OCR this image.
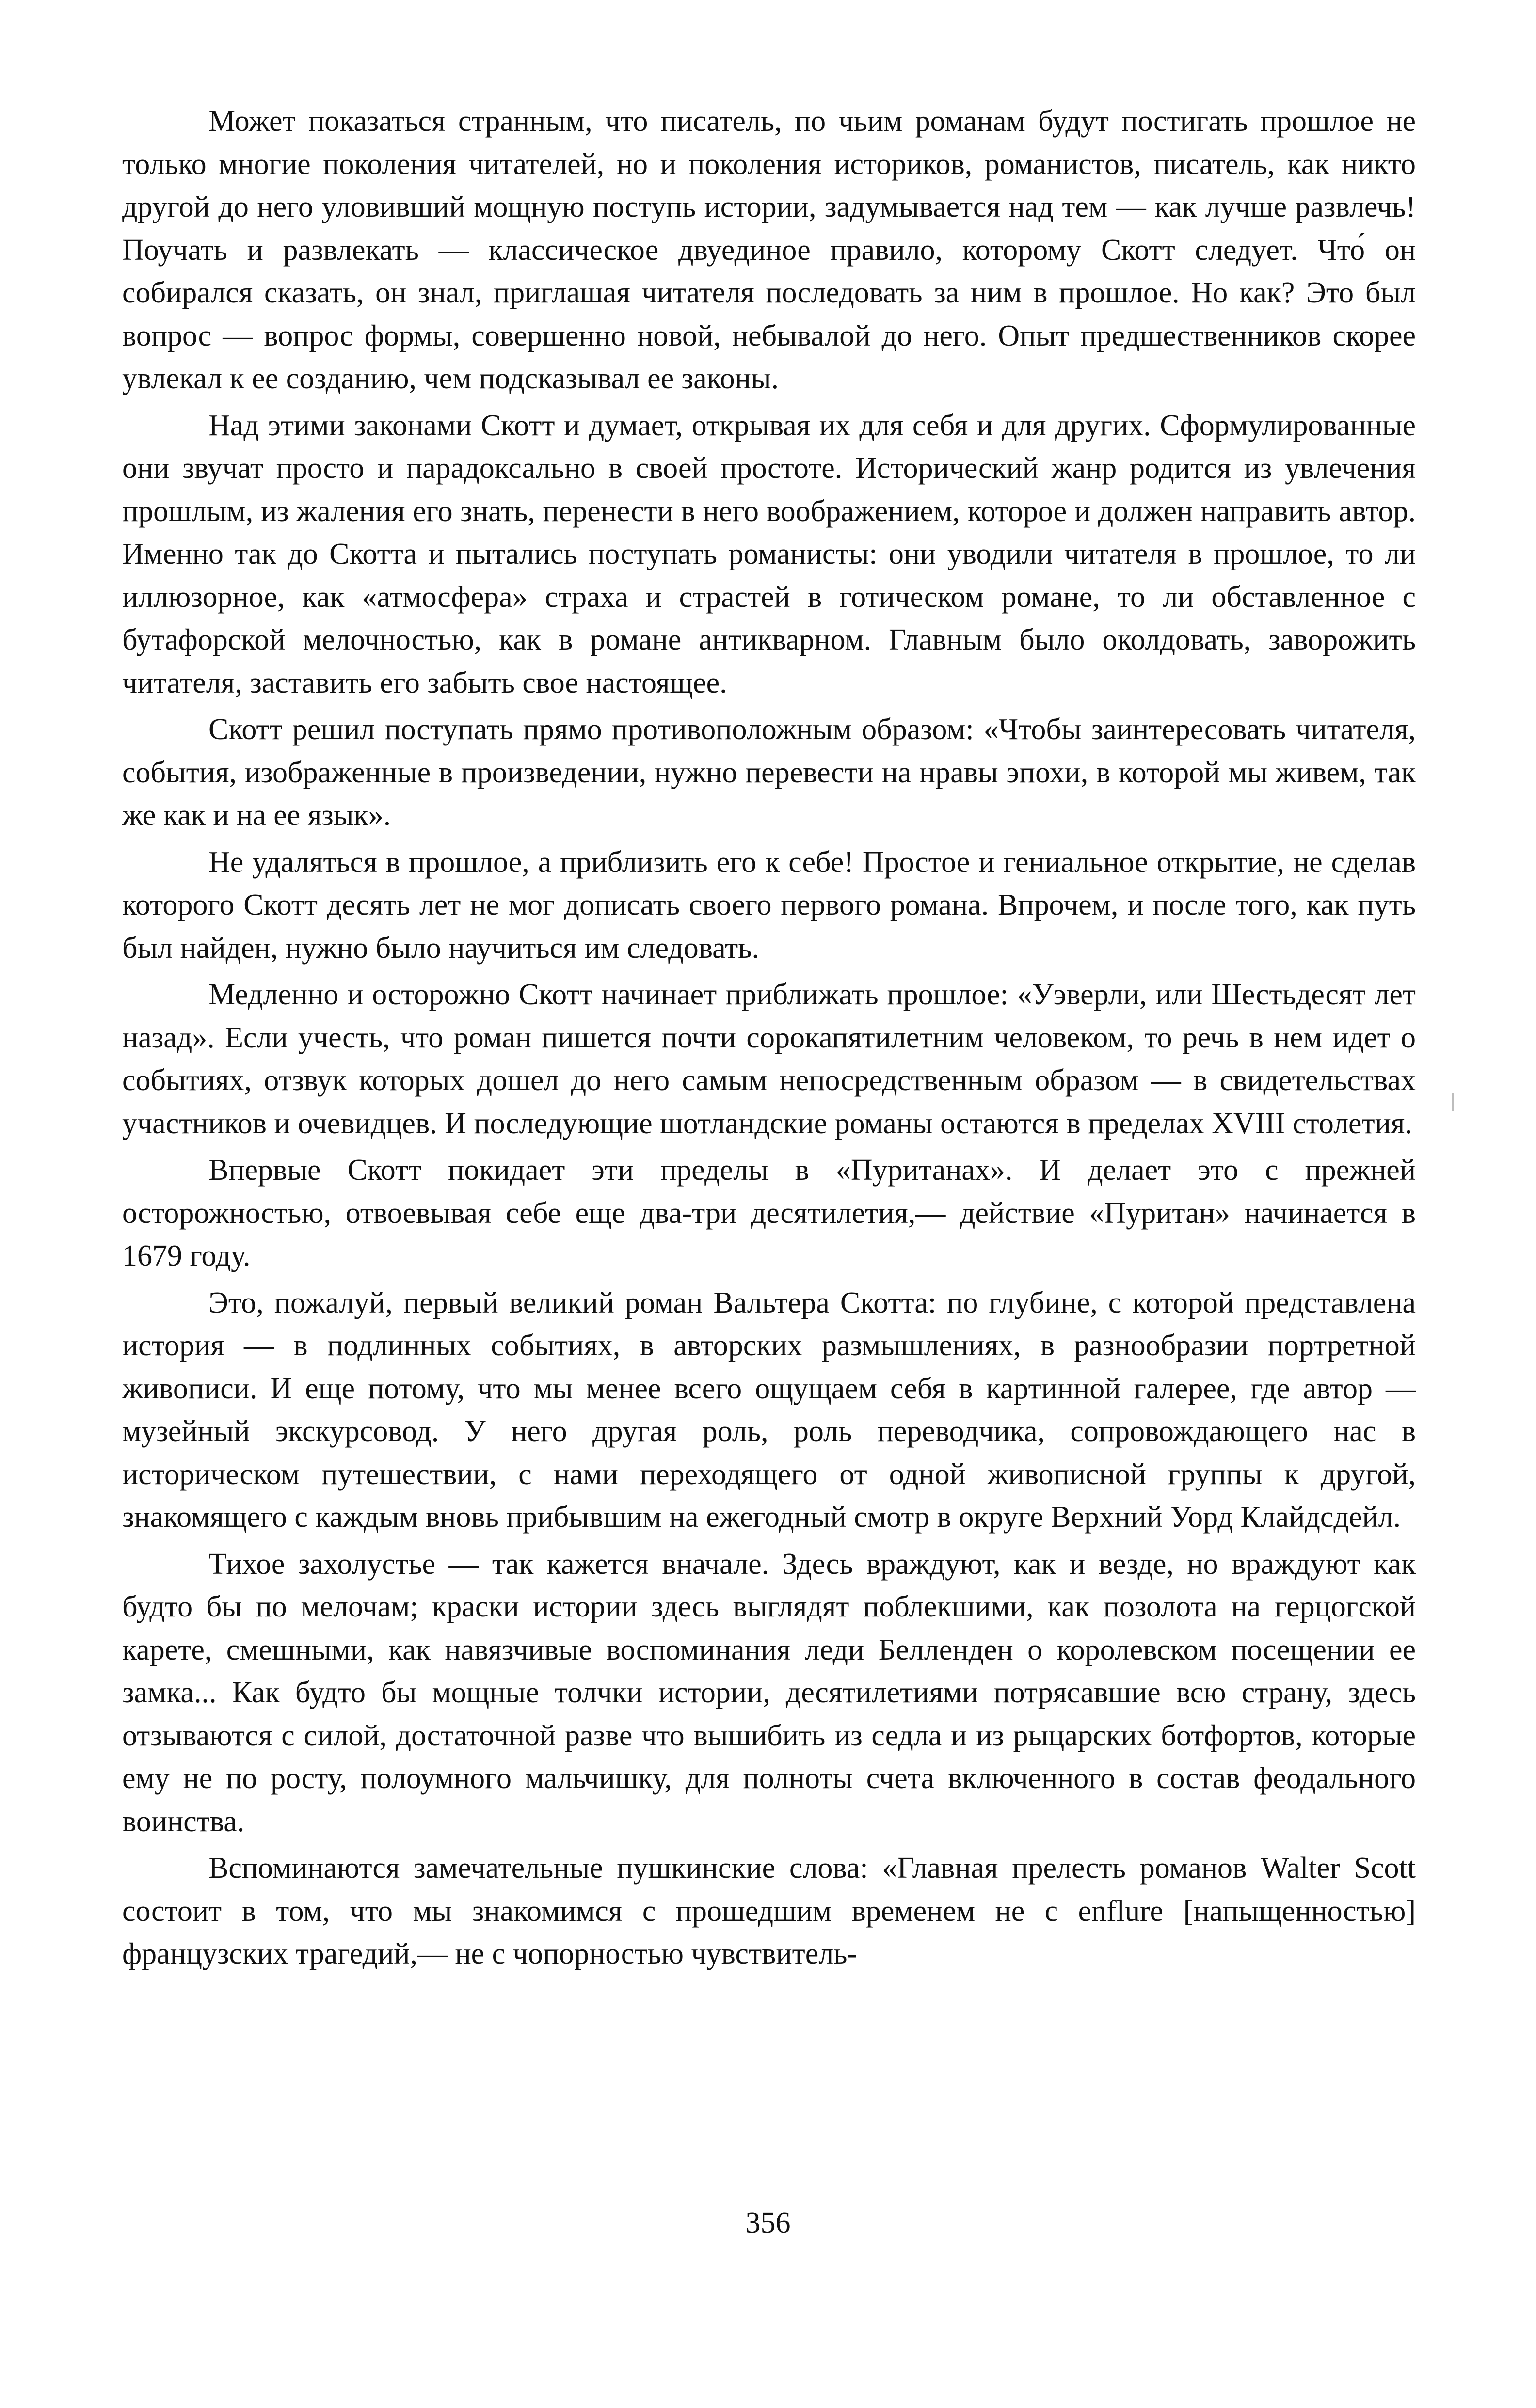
Может показаться странным, что писатель, по чьим романам будут постигать прошлое не только многие поколения читателей, но и поколения историков, романистов, писатель, как никто другой до него уловивший мощную поступь истории, задумывается над тем — как лучше развлечь! Поучать и развлекать — классическое двуединое правило, которому Скотт следует. Что́ он собирался сказать, он знал, приглашая читателя последовать за ним в прошлое. Но как? Это был вопрос — вопрос формы, совершенно новой, небывалой до него. Опыт предшественников скорее увлекал к ее созданию, чем подсказывал ее законы.

Над этими законами Скотт и думает, открывая их для себя и для других. Сформулированные они звучат просто и парадоксально в своей простоте. Исторический жанр родится из увлечения прошлым, из жаления его знать, перенести в него воображением, которое и должен направить автор. Именно так до Скотта и пытались поступать романисты: они уводили читателя в прошлое, то ли иллюзорное, как «атмосфера» страха и страстей в готическом романе, то ли обставленное с бутафорской мелочностью, как в романе антикварном. Главным было околдовать, заворожить читателя, заставить его забыть свое настоящее.

Скотт решил поступать прямо противоположным образом: «Чтобы заинтересовать читателя, события, изображенные в произведении, нужно перевести на нравы эпохи, в которой мы живем, так же как и на ее язык».

Не удаляться в прошлое, а приблизить его к себе! Простое и гениальное открытие, не сделав которого Скотт десять лет не мог дописать своего первого романа. Впрочем, и после того, как путь был найден, нужно было научиться им следовать.

Медленно и осторожно Скотт начинает приближать прошлое: «Уэверли, или Шестьдесят лет назад». Если учесть, что роман пишется почти сорокапятилетним человеком, то речь в нем идет о событиях, отзвук которых дошел до него самым непосредственным образом — в свидетельствах участников и очевидцев. И последующие шотландские романы остаются в пределах XVIII столетия.

Впервые Скотт покидает эти пределы в «Пуританах». И делает это с прежней осторожностью, отвоевывая себе еще два-три десятилетия,— действие «Пуритан» начинается в 1679 году.

Это, пожалуй, первый великий роман Вальтера Скотта: по глубине, с которой представлена история — в подлинных событиях, в авторских размышлениях, в разнообразии портретной живописи. И еще потому, что мы менее всего ощущаем себя в картинной галерее, где автор — музейный экскурсовод. У него другая роль, роль переводчика, сопровождающего нас в историческом путешествии, с нами переходящего от одной живописной группы к другой, знакомящего с каждым вновь прибывшим на ежегодный смотр в округе Верхний Уорд Клайдсдейл.

Тихое захолустье — так кажется вначале. Здесь враждуют, как и везде, но враждуют как будто бы по мелочам; краски истории здесь выглядят поблекшими, как позолота на герцогской карете, смешными, как навязчивые воспоминания леди Белленден о королевском посещении ее замка... Как будто бы мощные толчки истории, десятилетиями потрясавшие всю страну, здесь отзываются с силой, достаточной разве что вышибить из седла и из рыцарских ботфортов, которые ему не по росту, полоумного мальчишку, для полноты счета включенного в состав феодального воинства.

Вспоминаются замечательные пушкинские слова: «Главная прелесть романов Walter Scott состоит в том, что мы знакомимся с прошедшим временем не с enflure [напыщенностью] французских трагедий,— не с чопорностью чувствитель-

356
